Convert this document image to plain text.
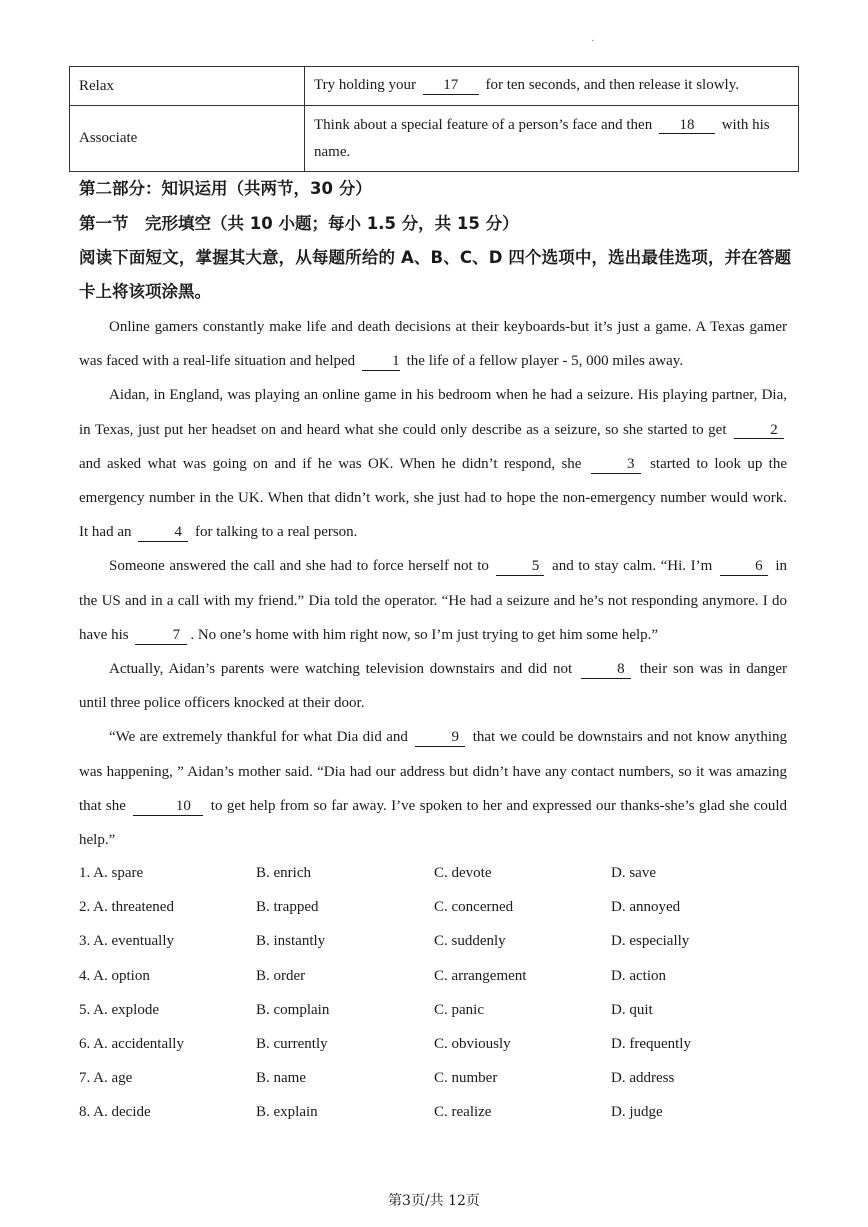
·
Relax	Try holding your 17 for ten seconds, and then release it slowly.
Associate	Think about a special feature of a person’s face and then 18 with his name.
第二部分：知识运用（共两节，30 分）
第一节　完形填空（共 10 小题；每小 1.5 分，共 15 分）
阅读下面短文，掌握其大意，从每题所给的 A、B、C、D 四个选项中，选出最佳选项，并在答题卡上将该项涂黑。

Online gamers constantly make life and death decisions at their keyboards-but it’s just a game. A Texas gamer was faced with a real-life situation and helped 1 the life of a fellow player - 5, 000 miles away.

Aidan, in England, was playing an online game in his bedroom when he had a seizure. His playing partner, Dia, in Texas, just put her headset on and heard what she could only describe as a seizure, so she started to get	2 and asked what was going on and if he was OK. When he didn’t respond, she	3 started to look up the emergency number in the UK. When that didn’t work, she just had to hope the non-emergency number would work. It had an	4 for talking to a real person.

Someone answered the call and she had to force herself not to	5 and to stay calm. “Hi. I’m	6 in the US and in a call with my friend.” Dia told the operator. “He had a seizure and he’s not responding anymore. I do have his	7 . No one’s home with him right now, so I’m just trying to get him some help.”

Actually, Aidan’s parents were watching television downstairs and did not	8 their son was in danger until three police officers knocked at their door.

“We are extremely thankful for what Dia did and	9 that we could be downstairs and not know anything was happening, ” Aidan’s mother said. “Dia had our address but didn’t have any contact numbers, so it was amazing that she	10 to get help from so far away. I’ve spoken to her and expressed our thanks-she’s glad she could help.”

1. A. spare	B. enrich	C. devote	D. save
2. A. threatened	B. trapped	C. concerned	D. annoyed
3. A. eventually	B. instantly	C. suddenly	D. especially
4. A. option	B. order	C. arrangement	D. action
5. A. explode	B. complain	C. panic	D. quit
6. A. accidentally	B. currently	C. obviously	D. frequently
7. A. age	B. name	C. number	D. address
8. A. decide	B. explain	C. realize	D. judge
第3页/共 12页
